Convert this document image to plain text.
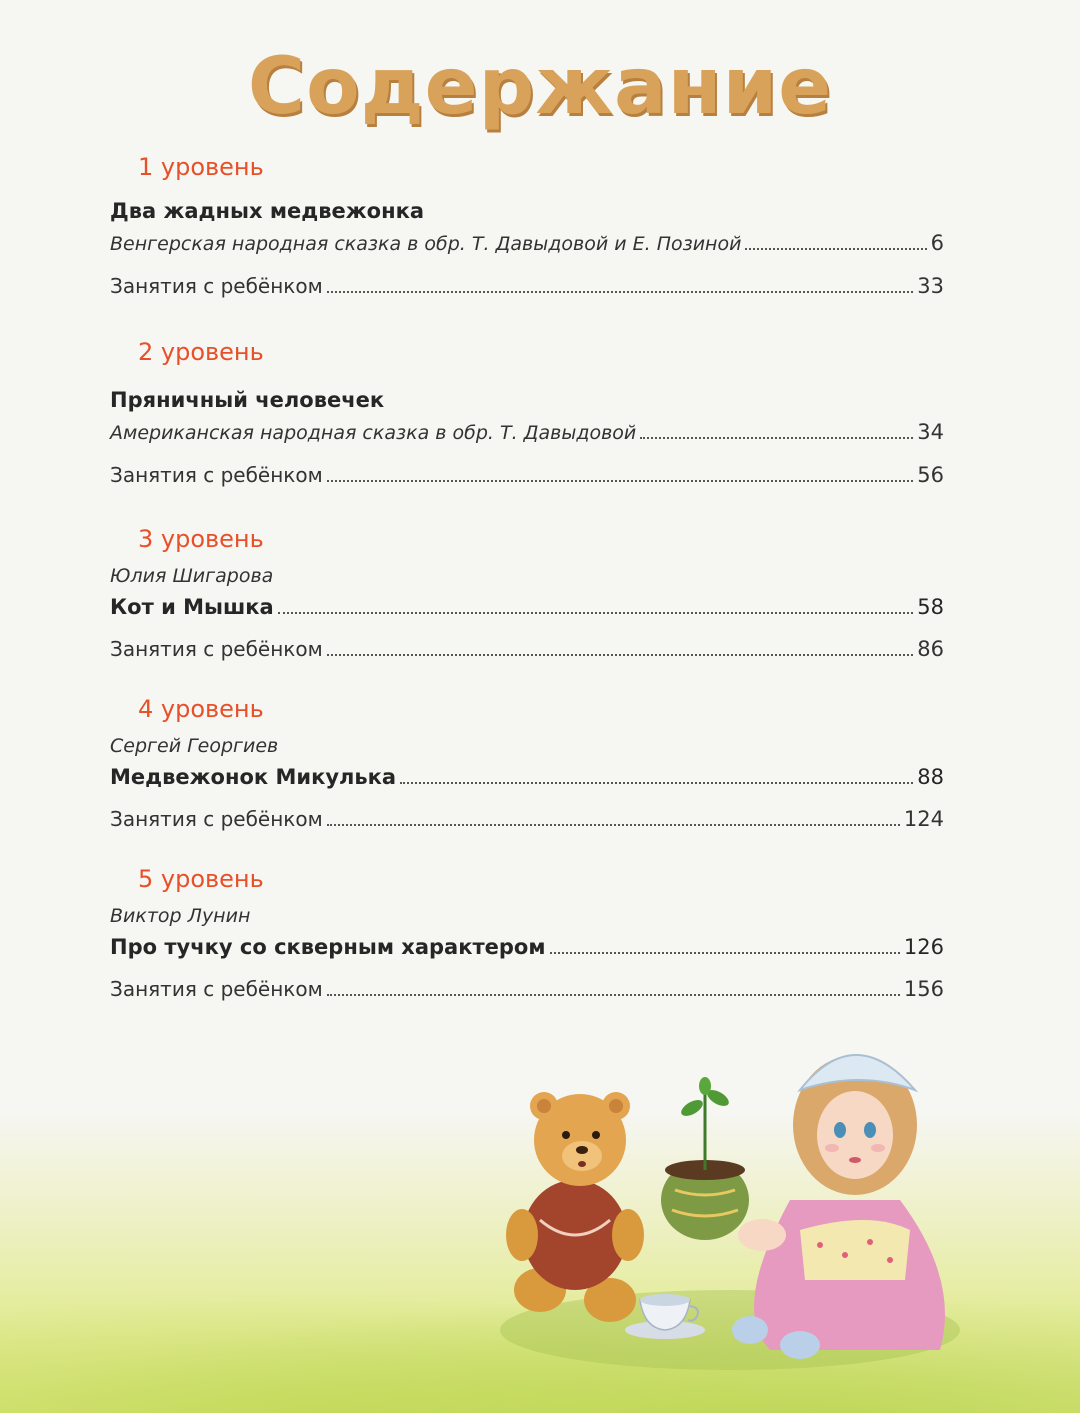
Содержание
1 уровень
Два жадных медвежонка
Венгерская народная сказка в обр. Т. Давыдовой и Е. Позиной	6
Занятия с ребёнком	33
2 уровень
Пряничный человечек
Американская народная сказка в обр. Т. Давыдовой	34
Занятия с ребёнком	56
3 уровень
Юлия Шигарова
Кот и Мышка	58
Занятия с ребёнком	86
4 уровень
Сергей Георгиев
Медвежонок Микулька	88
Занятия с ребёнком	124
5 уровень
Виктор Лунин
Про тучку со скверным характером	126
Занятия с ребёнком	156
